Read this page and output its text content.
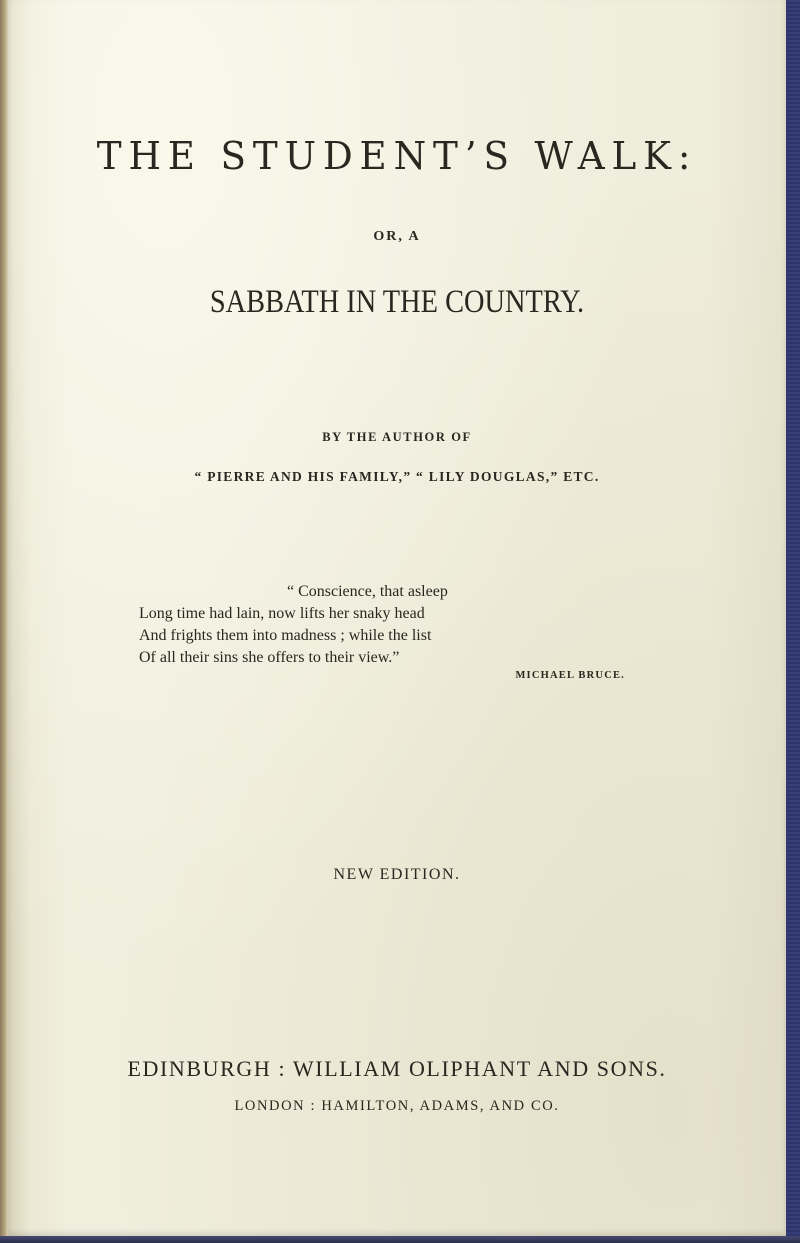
THE STUDENT’S WALK:
OR, A
SABBATH IN THE COUNTRY.
BY THE AUTHOR OF
“ PIERRE AND HIS FAMILY,” “ LILY DOUGLAS,” ETC.
“ Conscience, that asleep
Long time had lain, now lifts her snaky head
And frights them into madness ; while the list
Of all their sins she offers to their view.”
MICHAEL BRUCE.
NEW EDITION.
EDINBURGH : WILLIAM OLIPHANT AND SONS.
LONDON : HAMILTON, ADAMS, AND CO.
